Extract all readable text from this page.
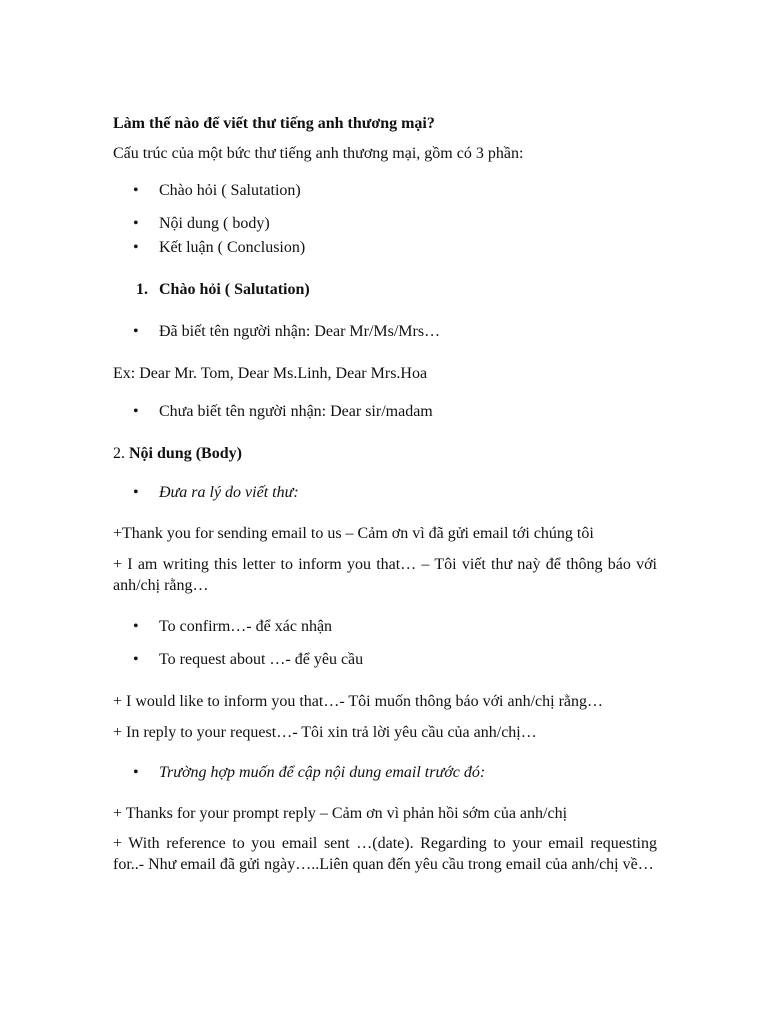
Làm thế nào để viết thư tiếng anh thương mại?

Cấu trúc của một bức thư tiếng anh thương mại, gồm có 3 phần:

• Chào hỏi ( Salutation)

• Nội dung ( body)

• Kết luận ( Conclusion)

1. Chào hỏi ( Salutation)

• Đã biết tên người nhận: Dear Mr/Ms/Mrs…

Ex: Dear Mr. Tom, Dear Ms.Linh, Dear Mrs.Hoa

• Chưa biết tên người nhận: Dear sir/madam

2. Nội dung (Body)

• Đưa ra lý do viết thư:

+Thank you for sending email to us – Cảm ơn vì đã gửi email tới chúng tôi

+ I am writing this letter to inform you that… – Tôi viết thư naỳ để thông báo với anh/chị rằng…

• To confirm…- để xác nhận

• To request about …- để yêu cầu

+ I would like to inform you that…- Tôi muốn thông báo với anh/chị rằng…

+ In reply to your request…- Tôi xin trả lời yêu cầu của anh/chị…

• Trường hợp muốn để cập nội dung email trước đó:

+ Thanks for your prompt reply – Cảm ơn vì phản hồi sớm của anh/chị

+ With reference to you email sent …(date). Regarding to your email requesting for..- Như email đã gửi ngày…..Liên quan đến yêu cầu trong email của anh/chị về…
